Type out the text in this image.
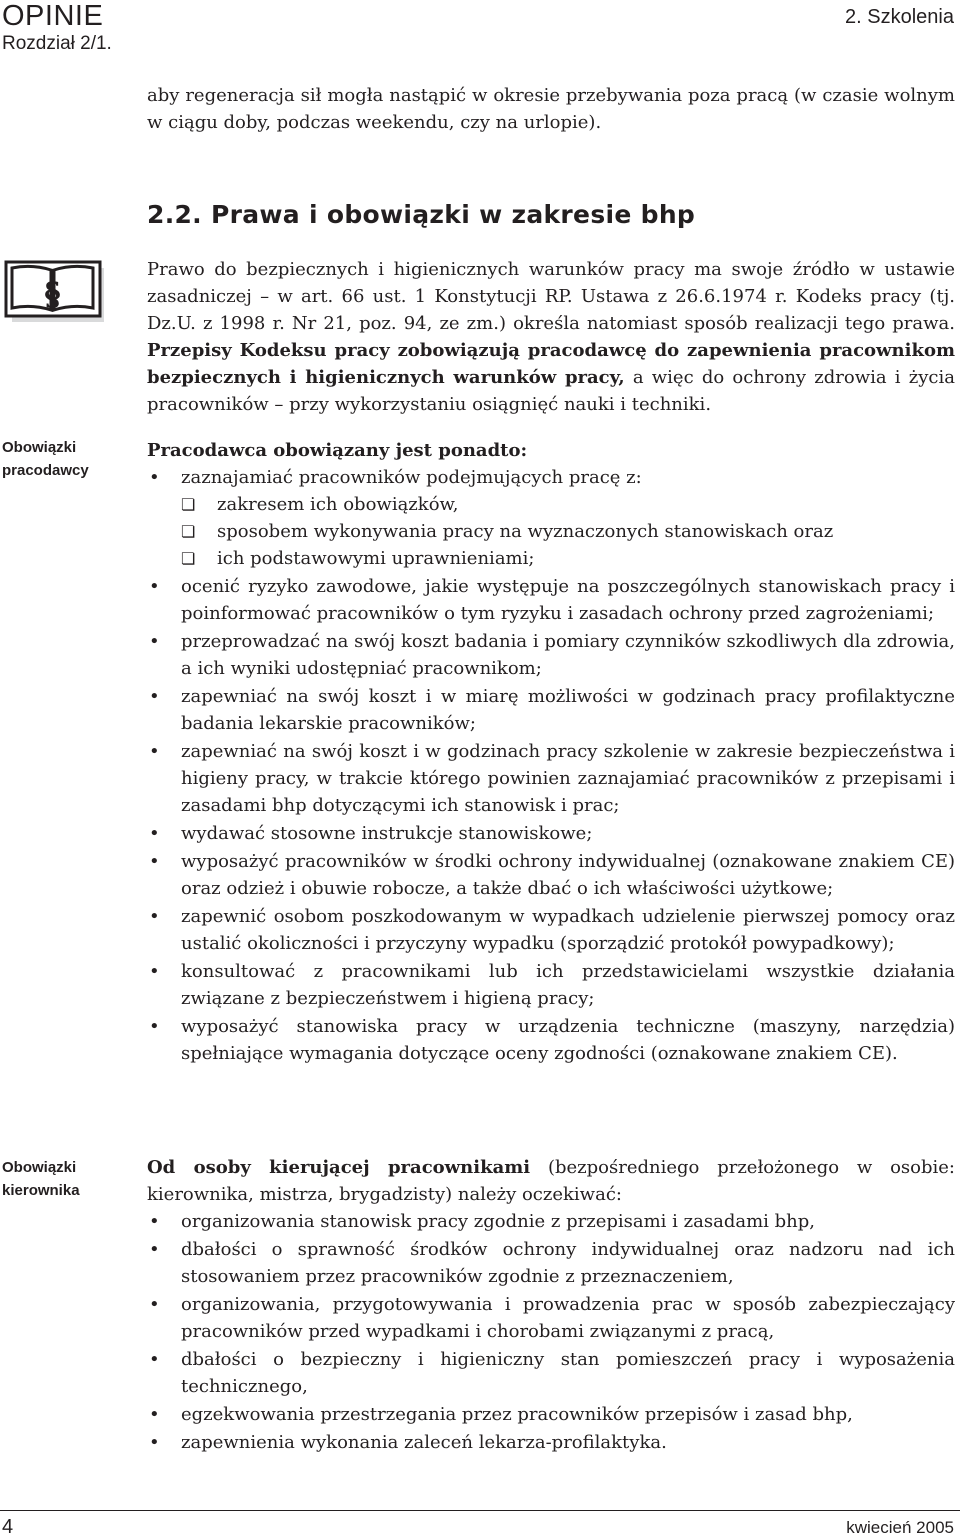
OPINIE
Rozdział 2/1.
2. Szkolenia

aby regeneracja sił mogła nastąpić w okresie przebywania poza pracą (w czasie wolnym w ciągu doby, podczas weekendu, czy na urlopie).

2.2. Prawa i obowiązki w zakresie bhp
§

Prawo do bezpiecznych i higienicznych warunków pracy ma swoje źródło w ustawie zasadniczej – w art. 66 ust. 1 Konstytucji RP. Ustawa z 26.6.1974 r. Kodeks pracy (tj. Dz.U. z 1998 r. Nr 21, poz. 94, ze zm.) określa natomiast sposób realizacji tego prawa. Przepisy Kodeksu pracy zobowiązują pracodawcę do zapewnienia pracownikom bezpiecznych i higienicznych warunków pracy, a więc do ochrony zdrowia i życia pracowników – przy wykorzystaniu osiągnięć nauki i techniki.

Obowiązki
pracodawcy

Pracodawca obowiązany jest ponadto:

• zaznajamiać pracowników podejmujących pracę z:
❏ zakresem ich obowiązków,
❏ sposobem wykonywania pracy na wyznaczonych stanowiskach oraz
❏ ich podstawowymi uprawnieniami;
• ocenić ryzyko zawodowe, jakie występuje na poszczególnych stanowiskach pracy i poinformować pracowników o tym ryzyku i zasadach ochrony przed zagrożeniami;
• przeprowadzać na swój koszt badania i pomiary czynników szkodliwych dla zdrowia, a ich wyniki udostępniać pracownikom;
• zapewniać na swój koszt i w miarę możliwości w godzinach pracy profilaktyczne badania lekarskie pracowników;
• zapewniać na swój koszt i w godzinach pracy szkolenie w zakresie bezpieczeństwa i higieny pracy, w trakcie którego powinien zaznajamiać pracowników z przepisami i zasadami bhp dotyczącymi ich stanowisk i prac;
• wydawać stosowne instrukcje stanowiskowe;
• wyposażyć pracowników w środki ochrony indywidualnej (oznakowane znakiem CE) oraz odzież i obuwie robocze, a także dbać o ich właściwości użytkowe;
• zapewnić osobom poszkodowanym w wypadkach udzielenie pierwszej pomocy oraz ustalić okoliczności i przyczyny wypadku (sporządzić protokół powypadkowy);
• konsultować z pracownikami lub ich przedstawicielami wszystkie działania związane z bezpieczeństwem i higieną pracy;
• wyposażyć stanowiska pracy w urządzenia techniczne (maszyny, narzędzia) spełniające wymagania dotyczące oceny zgodności (oznakowane znakiem CE).
Obowiązki
kierownika

Od osoby kierującej pracownikami (bezpośredniego przełożonego w osobie: kierownika, mistrza, brygadzisty) należy oczekiwać:

• organizowania stanowisk pracy zgodnie z przepisami i zasadami bhp,
• dbałości o sprawność środków ochrony indywidualnej oraz nadzoru nad ich stosowaniem przez pracowników zgodnie z przeznaczeniem,
• organizowania, przygotowywania i prowadzenia prac w sposób zabezpieczający pracowników przed wypadkami i chorobami związanymi z pracą,
• dbałości o bezpieczny i higieniczny stan pomieszczeń pracy i wyposażenia technicznego,
• egzekwowania przestrzegania przez pracowników przepisów i zasad bhp,
• zapewnienia wykonania zaleceń lekarza-profilaktyka.
4	kwiecień 2005
